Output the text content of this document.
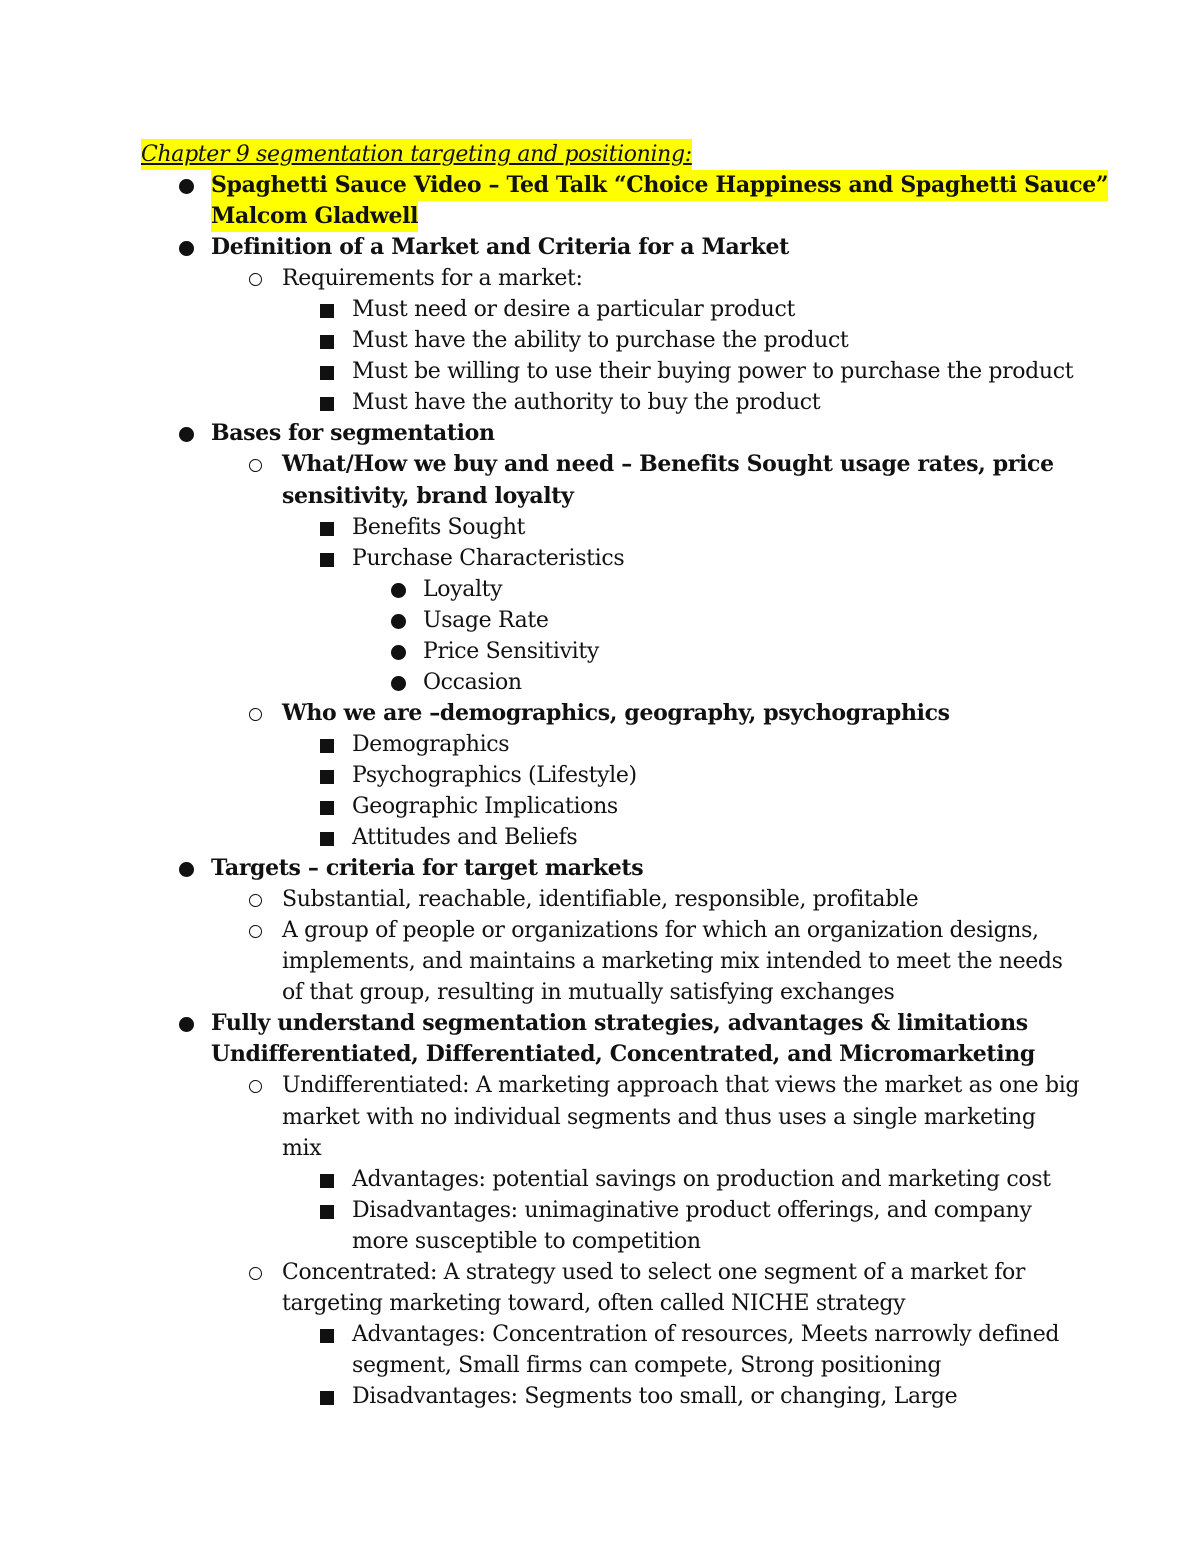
Chapter 9 segmentation targeting and positioning:
Spaghetti Sauce Video – Ted Talk “Choice Happiness and Spaghetti Sauce”
Malcom Gladwell
Definition of a Market and Criteria for a Market
Requirements for a market:
Must need or desire a particular product
Must have the ability to purchase the product
Must be willing to use their buying power to purchase the product
Must have the authority to buy the product
Bases for segmentation
What/How we buy and need – Benefits Sought usage rates, price
sensitivity, brand loyalty
Benefits Sought
Purchase Characteristics
Loyalty
Usage Rate
Price Sensitivity
Occasion
Who we are –demographics, geography, psychographics
Demographics
Psychographics (Lifestyle)
Geographic Implications
Attitudes and Beliefs
Targets – criteria for target markets
Substantial, reachable, identifiable, responsible, profitable
A group of people or organizations for which an organization designs,
implements, and maintains a marketing mix intended to meet the needs
of that group, resulting in mutually satisfying exchanges
Fully understand segmentation strategies, advantages & limitations
Undifferentiated, Differentiated, Concentrated, and Micromarketing
Undifferentiated: A marketing approach that views the market as one big
market with no individual segments and thus uses a single marketing
mix
Advantages: potential savings on production and marketing cost
Disadvantages: unimaginative product offerings, and company
more susceptible to competition
Concentrated: A strategy used to select one segment of a market for
targeting marketing toward, often called NICHE strategy
Advantages: Concentration of resources, Meets narrowly defined
segment, Small firms can compete, Strong positioning
Disadvantages: Segments too small, or changing, Large
